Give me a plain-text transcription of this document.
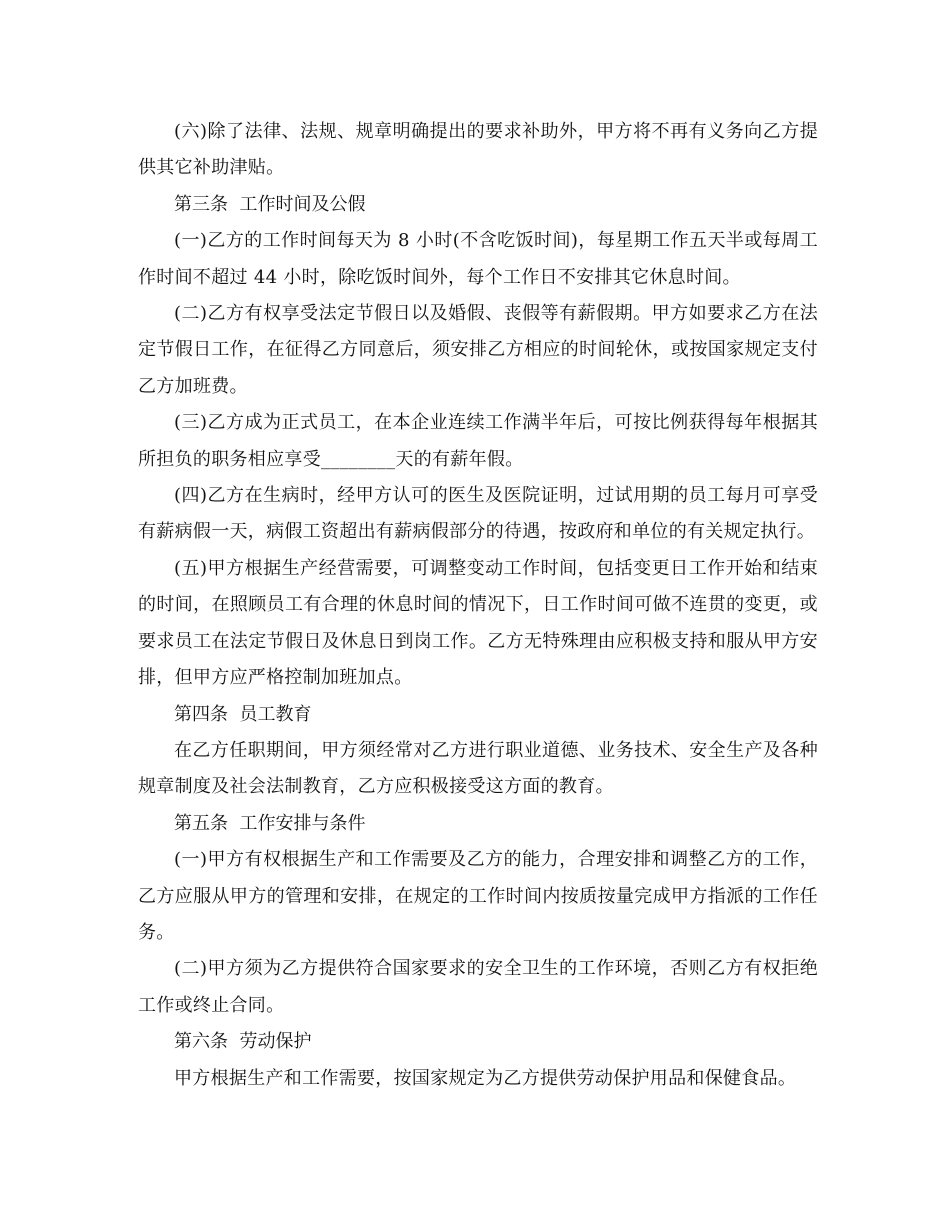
(六)除了法律、法规、规章明确提出的要求补助外，甲方将不再有义务向乙方提供其它补助津贴。

第三条  工作时间及公假

(一)乙方的工作时间每天为 8 小时(不含吃饭时间)，每星期工作五天半或每周工作时间不超过 44 小时，除吃饭时间外，每个工作日不安排其它休息时间。

(二)乙方有权享受法定节假日以及婚假、丧假等有薪假期。甲方如要求乙方在法定节假日工作，在征得乙方同意后，须安排乙方相应的时间轮休，或按国家规定支付乙方加班费。

(三)乙方成为正式员工，在本企业连续工作满半年后，可按比例获得每年根据其所担负的职务相应享受________天的有薪年假。

(四)乙方在生病时，经甲方认可的医生及医院证明，过试用期的员工每月可享受有薪病假一天，病假工资超出有薪病假部分的待遇，按政府和单位的有关规定执行。

(五)甲方根据生产经营需要，可调整变动工作时间，包括变更日工作开始和结束的时间，在照顾员工有合理的休息时间的情况下，日工作时间可做不连贯的变更，或要求员工在法定节假日及休息日到岗工作。乙方无特殊理由应积极支持和服从甲方安排，但甲方应严格控制加班加点。

第四条  员工教育

在乙方任职期间，甲方须经常对乙方进行职业道德、业务技术、安全生产及各种规章制度及社会法制教育，乙方应积极接受这方面的教育。

第五条  工作安排与条件

(一)甲方有权根据生产和工作需要及乙方的能力，合理安排和调整乙方的工作，乙方应服从甲方的管理和安排，在规定的工作时间内按质按量完成甲方指派的工作任务。

(二)甲方须为乙方提供符合国家要求的安全卫生的工作环境，否则乙方有权拒绝工作或终止合同。

第六条  劳动保护

甲方根据生产和工作需要，按国家规定为乙方提供劳动保护用品和保健食品。
